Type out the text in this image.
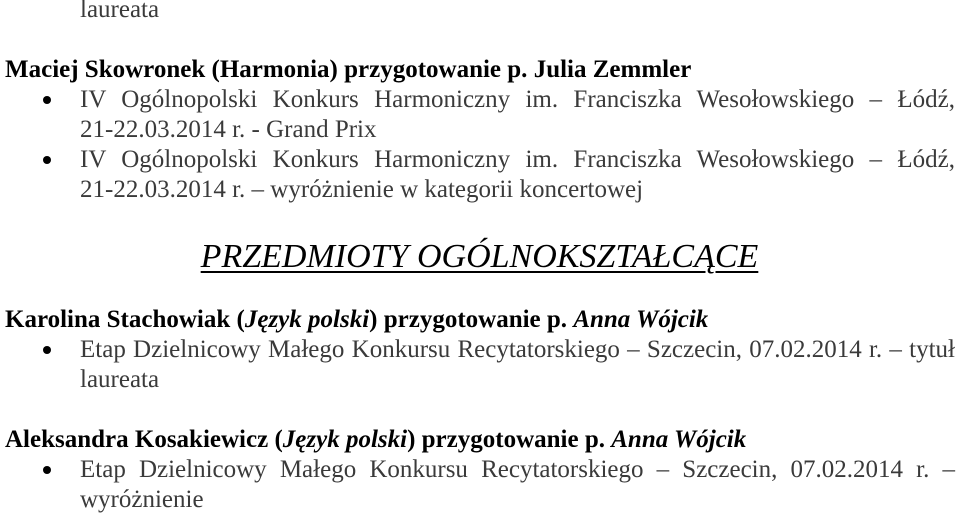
laureata
Maciej Skowronek (Harmonia) przygotowanie p. Julia Zemmler
IV Ogólnopolski Konkurs Harmoniczny im. Franciszka Wesołowskiego – Łódź,
21-22.03.2014 r. - Grand Prix
IV Ogólnopolski Konkurs Harmoniczny im. Franciszka Wesołowskiego – Łódź,
21-22.03.2014 r. – wyróżnienie w kategorii koncertowej
PRZEDMIOTY OGÓLNOKSZTAŁCĄCE
Karolina Stachowiak (Język polski) przygotowanie p. Anna Wójcik
Etap Dzielnicowy Małego Konkursu Recytatorskiego – Szczecin, 07.02.2014 r. – tytuł
laureata
Aleksandra Kosakiewicz (Język polski) przygotowanie p. Anna Wójcik
Etap Dzielnicowy Małego Konkursu Recytatorskiego – Szczecin, 07.02.2014 r. –
wyróżnienie
